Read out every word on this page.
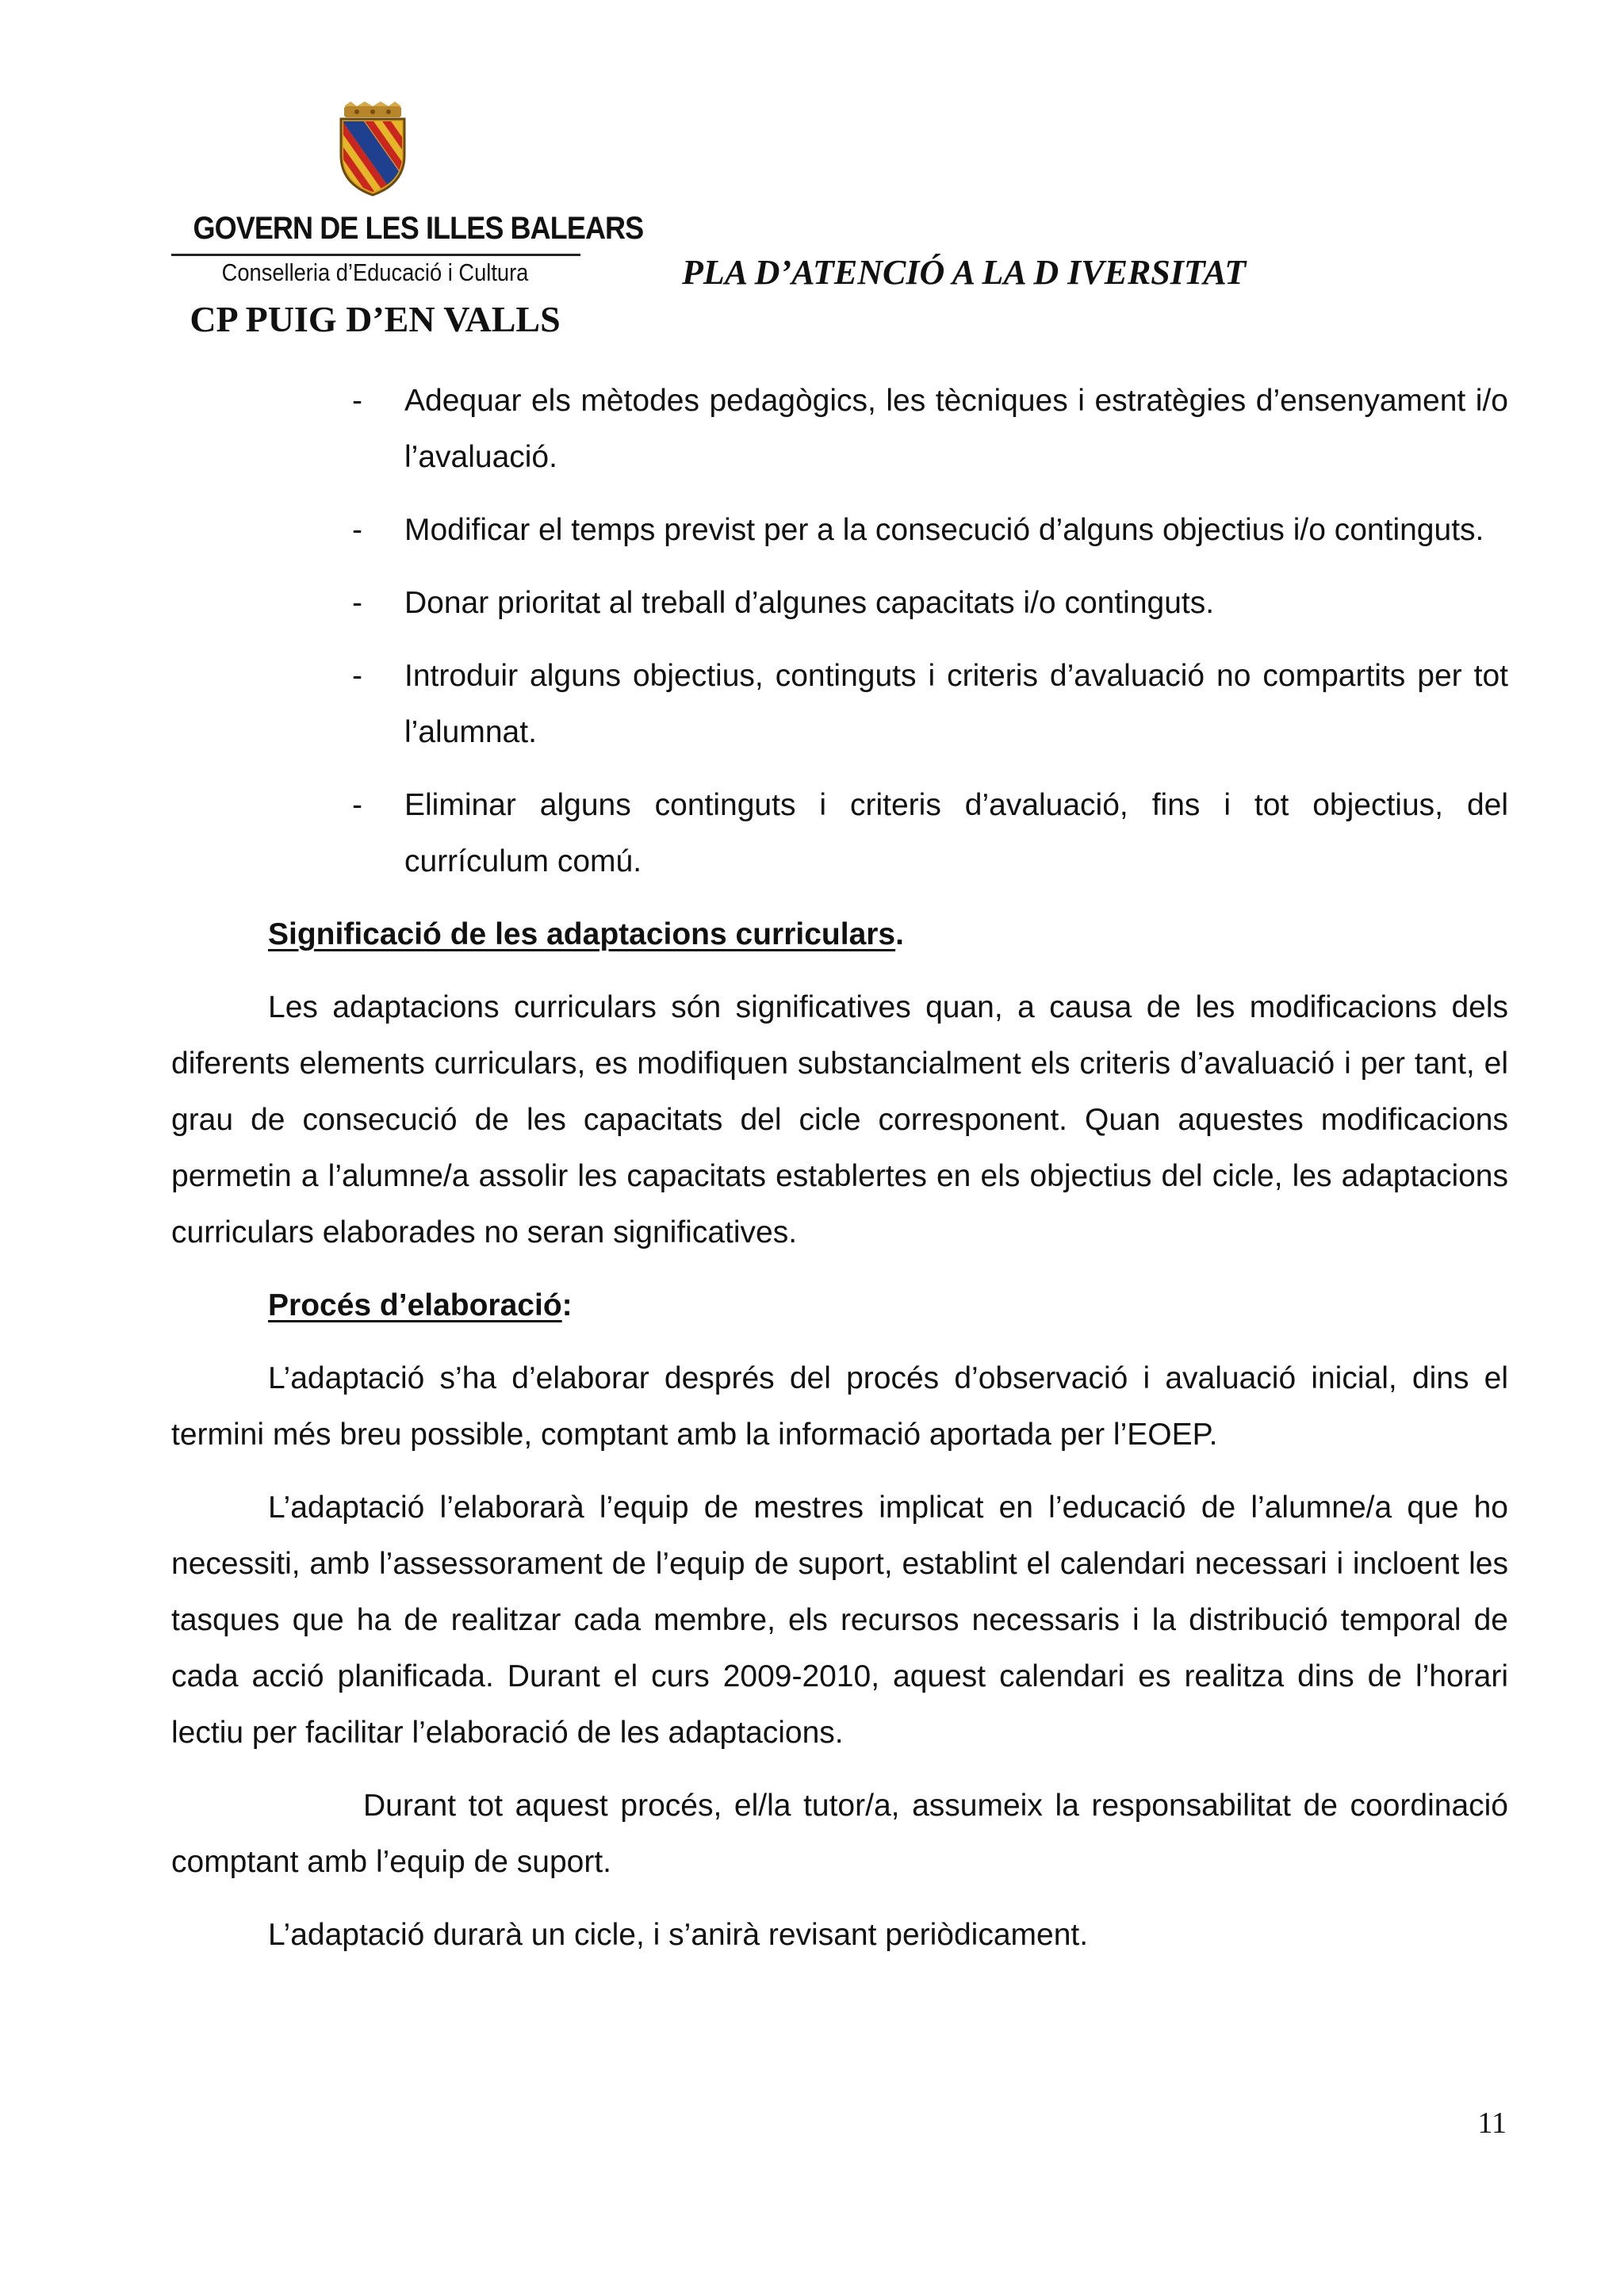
GOVERN DE LES ILLES BALEARS
Conselleria d’Educació i Cultura
CP PUIG D’EN VALLS
PLA D’ATENCIÓ A LA D IVERSITAT
- Adequar els mètodes pedagògics, les tècniques i estratègies d’ensenyament i/o l’avaluació.
- Modificar el temps previst per a la consecució d’alguns objectius i/o continguts.
- Donar prioritat al treball d’algunes capacitats i/o continguts.
- Introduir alguns objectius, continguts i criteris d’avaluació no compartits per tot l’alumnat.
- Eliminar alguns continguts i criteris d’avaluació, fins i tot objectius, del currículum comú.

Significació de les adaptacions curriculars.

Les adaptacions curriculars són significatives quan, a causa de les modificacions dels diferents elements curriculars, es modifiquen substancialment els criteris d’avaluació i per tant, el grau de consecució de les capacitats del cicle corresponent. Quan aquestes modificacions permetin a l’alumne/a assolir les capacitats establertes en els objectius del cicle, les adaptacions curriculars elaborades no seran significatives.

Procés d’elaboració:

L’adaptació s’ha d’elaborar després del procés d’observació i avaluació inicial, dins el termini més breu possible, comptant amb la informació aportada per l’EOEP.

L’adaptació l’elaborarà l’equip de mestres implicat en l’educació de l’alumne/a que ho necessiti, amb l’assessorament de l’equip de suport, establint el calendari necessari i incloent les tasques que ha de realitzar cada membre, els recursos necessaris i la distribució temporal de cada acció planificada. Durant el curs 2009-2010, aquest calendari es realitza dins de l’horari lectiu per facilitar l’elaboració de les adaptacions.

Durant tot aquest procés, el/la tutor/a, assumeix la responsabilitat de coordinació comptant amb l’equip de suport.

L’adaptació durarà un cicle, i s’anirà revisant periòdicament.

11
